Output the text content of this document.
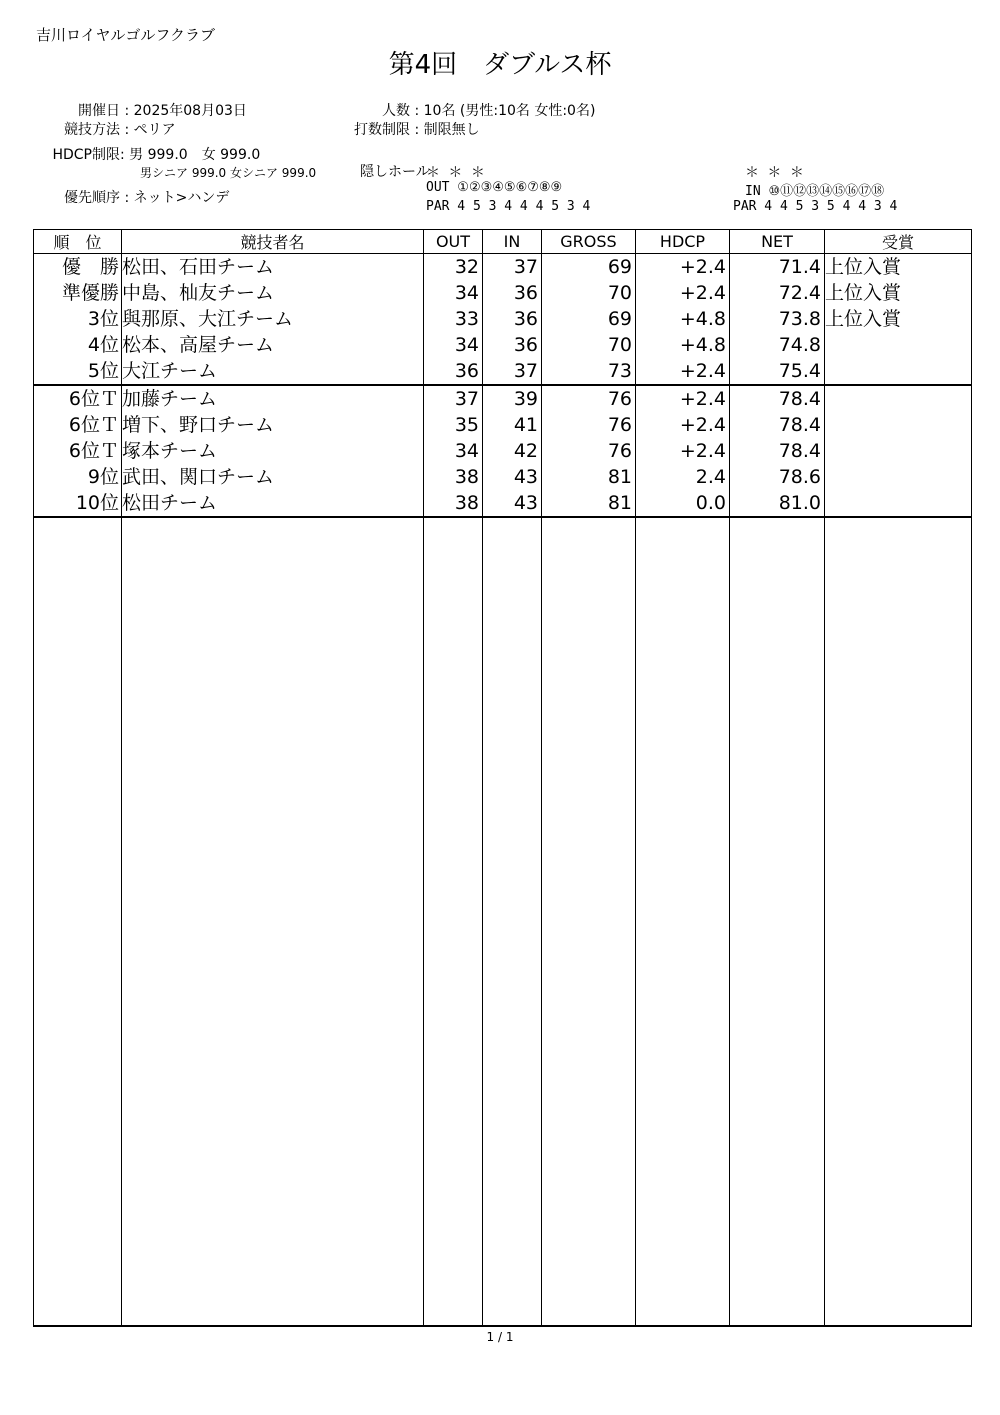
吉川ロイヤルゴルフクラブ
第4回　ダブルス杯
開催日 : 2025年08月03日
競技方法 : ペリア
HDCP制限: 男 999.0　女 999.0
男シニア 999.0 女シニア 999.0
優先順序 : ネット>ハンデ
人数 : 10名 (男性:10名 女性:0名)
打数制限 : 制限無し
隠しホール
＊ ＊ ＊
OUT ①②③④⑤⑥⑦⑧⑨
PAR 4 5 3 4 4 4 5 3 4
＊ ＊ ＊
IN ⑩⑪⑫⑬⑭⑮⑯⑰⑱
PAR 4 4 5 3 5 4 4 3 4
順　位	競技者名	OUT	IN	GROSS	HDCP	NET	受賞
優　勝	松田、石田チーム	32	37	69	+2.4	71.4	上位入賞
準優勝	中島、杣友チーム	34	36	70	+2.4	72.4	上位入賞
3位	與那原、大江チーム	33	36	69	+4.8	73.8	上位入賞
4位	松本、高屋チーム	34	36	70	+4.8	74.8	
5位	大江チーム	36	37	73	+2.4	75.4	
6位Ｔ	加藤チーム	37	39	76	+2.4	78.4	
6位Ｔ	増下、野口チーム	35	41	76	+2.4	78.4	
6位Ｔ	塚本チーム	34	42	76	+2.4	78.4	
9位	武田、関口チーム	38	43	81	2.4	78.6	
10位	松田チーム	38	43	81	0.0	81.0	

1 / 1
